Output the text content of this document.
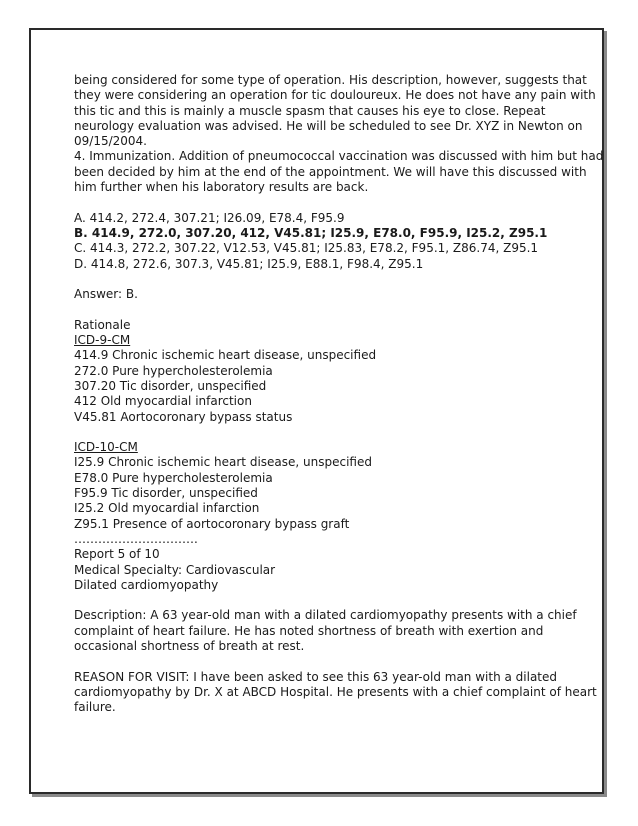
being considered for some type of operation. His description, however, suggests that
they were considering an operation for tic douloureux. He does not have any pain with
this tic and this is mainly a muscle spasm that causes his eye to close. Repeat
neurology evaluation was advised. He will be scheduled to see Dr. XYZ in Newton on
09/15/2004.
4. Immunization. Addition of pneumococcal vaccination was discussed with him but had
been decided by him at the end of the appointment. We will have this discussed with
him further when his laboratory results are back.
A. 414.2, 272.4, 307.21; I26.09, E78.4, F95.9
B. 414.9, 272.0, 307.20, 412, V45.81; I25.9, E78.0, F95.9, I25.2, Z95.1
C. 414.3, 272.2, 307.22, V12.53, V45.81; I25.83, E78.2, F95.1, Z86.74, Z95.1
D. 414.8, 272.6, 307.3, V45.81; I25.9, E88.1, F98.4, Z95.1
Answer: B.
Rationale
ICD-9-CM
414.9 Chronic ischemic heart disease, unspecified
272.0 Pure hypercholesterolemia
307.20 Tic disorder, unspecified
412 Old myocardial infarction
V45.81 Aortocoronary bypass status
ICD-10-CM
I25.9 Chronic ischemic heart disease, unspecified
E78.0 Pure hypercholesterolemia
F95.9 Tic disorder, unspecified
I25.2 Old myocardial infarction
Z95.1 Presence of aortocoronary bypass graft
………………………….
Report 5 of 10
Medical Specialty: Cardiovascular
Dilated cardiomyopathy
Description: A 63 year-old man with a dilated cardiomyopathy presents with a chief
complaint of heart failure. He has noted shortness of breath with exertion and
occasional shortness of breath at rest.
REASON FOR VISIT: I have been asked to see this 63 year-old man with a dilated
cardiomyopathy by Dr. X at ABCD Hospital. He presents with a chief complaint of heart
failure.
